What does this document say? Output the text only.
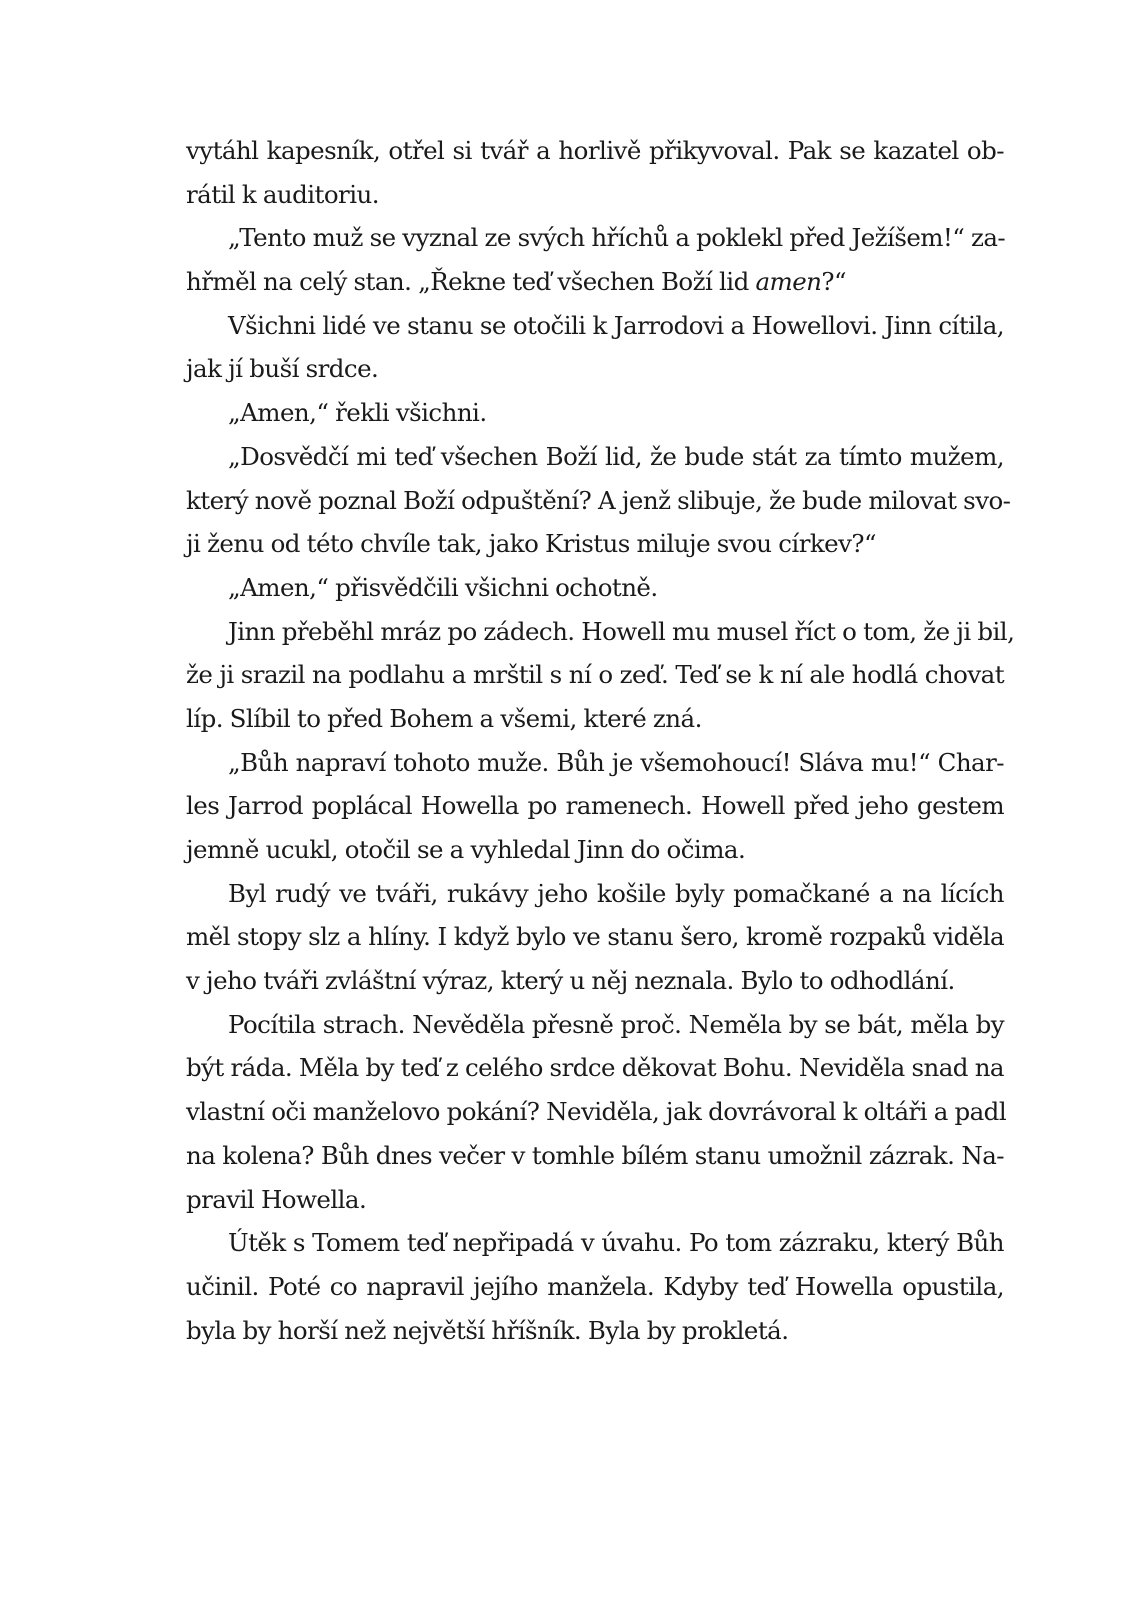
vytáhl kapesník, otřel si tvář a horlivě přikyvoval. Pak se kazatel ob-
rátil k auditoriu.
„Tento muž se vyznal ze svých hříchů a poklekl před Ježíšem!“ za-
hřměl na celý stan. „Řekne teď všechen Boží lid amen?“
Všichni lidé ve stanu se otočili k Jarrodovi a Howellovi. Jinn cítila,
jak jí buší srdce.
„Amen,“ řekli všichni.
„Dosvědčí mi teď všechen Boží lid, že bude stát za tímto mužem,
který nově poznal Boží odpuštění? A jenž slibuje, že bude milovat svo-
ji ženu od této chvíle tak, jako Kristus miluje svou církev?“
„Amen,“ přisvědčili všichni ochotně.
Jinn přeběhl mráz po zádech. Howell mu musel říct o tom, že ji bil,
že ji srazil na podlahu a mrštil s ní o zeď. Teď se k ní ale hodlá chovat
líp. Slíbil to před Bohem a všemi, které zná.
„Bůh napraví tohoto muže. Bůh je všemohoucí! Sláva mu!“ Char-
les Jarrod poplácal Howella po ramenech. Howell před jeho gestem
jemně ucukl, otočil se a vyhledal Jinn do očima.
Byl rudý ve tváři, rukávy jeho košile byly pomačkané a na lících
měl stopy slz a hlíny. I když bylo ve stanu šero, kromě rozpaků viděla
v jeho tváři zvláštní výraz, který u něj neznala. Bylo to odhodlání.
Pocítila strach. Nevěděla přesně proč. Neměla by se bát, měla by
být ráda. Měla by teď z celého srdce děkovat Bohu. Neviděla snad na
vlastní oči manželovo pokání? Neviděla, jak dovrávoral k oltáři a padl
na kolena? Bůh dnes večer v tomhle bílém stanu umožnil zázrak. Na-
pravil Howella.
Útěk s Tomem teď nepřipadá v úvahu. Po tom zázraku, který Bůh
učinil. Poté co napravil jejího manžela. Kdyby teď Howella opustila,
byla by horší než největší hříšník. Byla by prokletá.
